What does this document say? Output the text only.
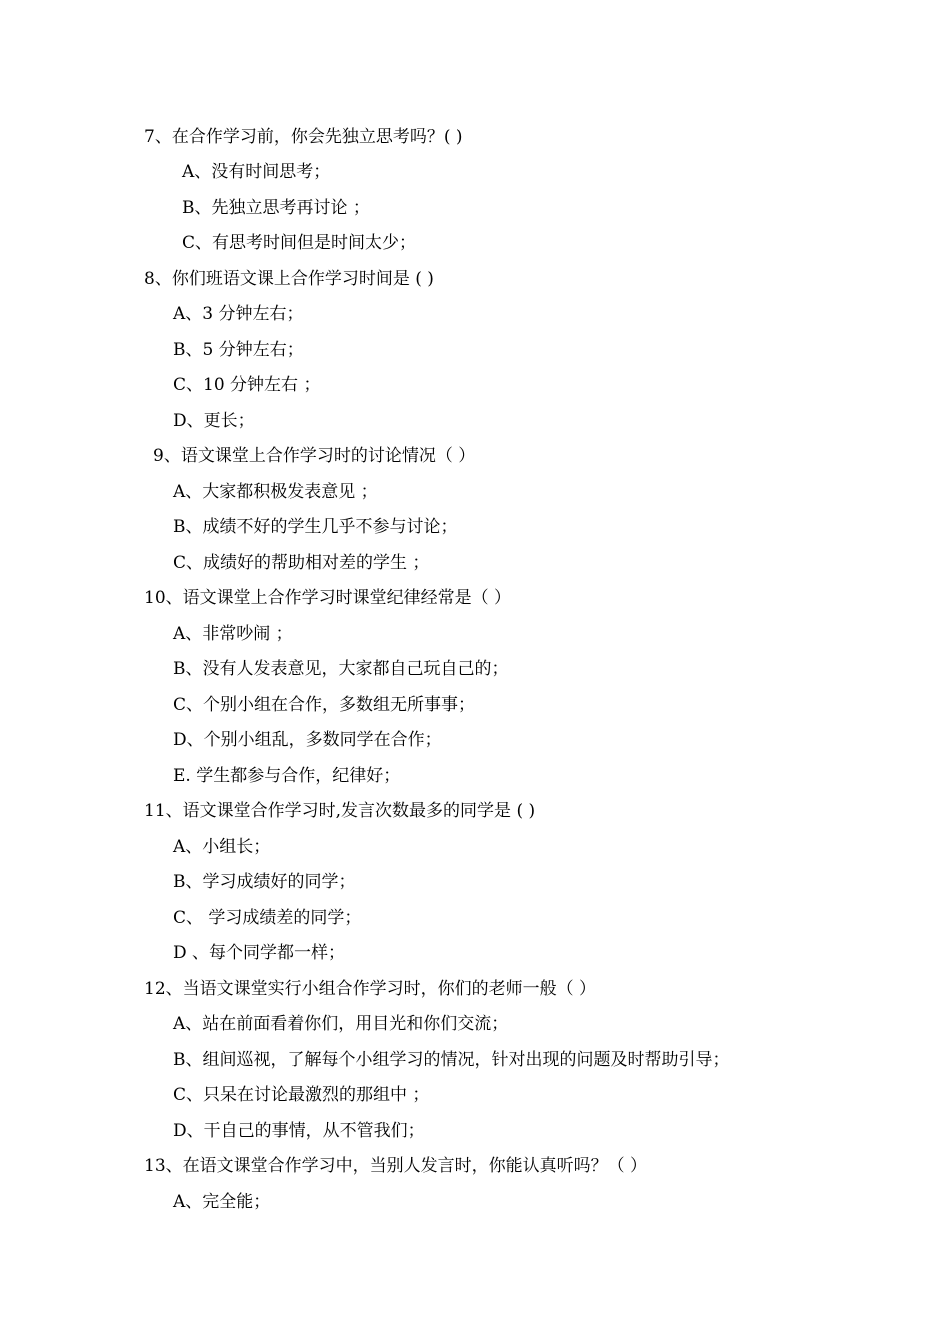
7、在合作学习前，你会先独立思考吗？( )
A、没有时间思考；
B、先独立思考再讨论 ；
C、有思考时间但是时间太少；
8、你们班语文课上合作学习时间是 ( )
A、3 分钟左右；
B、5 分钟左右；
C、10 分钟左右 ；
D、更长；
9、语文课堂上合作学习时的讨论情况（ ）
A、大家都积极发表意见 ；
B、成绩不好的学生几乎不参与讨论；
C、成绩好的帮助相对差的学生 ；
10、语文课堂上合作学习时课堂纪律经常是（ ）
A、非常吵闹 ；
B、没有人发表意见，大家都自己玩自己的；
C、个别小组在合作，多数组无所事事；
D、个别小组乱，多数同学在合作；
E. 学生都参与合作，纪律好；
11、语文课堂合作学习时,发言次数最多的同学是 ( )
A、小组长；
B、学习成绩好的同学；
C、 学习成绩差的同学；
D 、每个同学都一样；
12、当语文课堂实行小组合作学习时，你们的老师一般（ ）
A、站在前面看着你们，用目光和你们交流；
B、组间巡视，了解每个小组学习的情况，针对出现的问题及时帮助引导；
C、只呆在讨论最激烈的那组中 ；
D、干自己的事情，从不管我们；
13、在语文课堂合作学习中，当别人发言时，你能认真听吗？（ ）
A、完全能；
